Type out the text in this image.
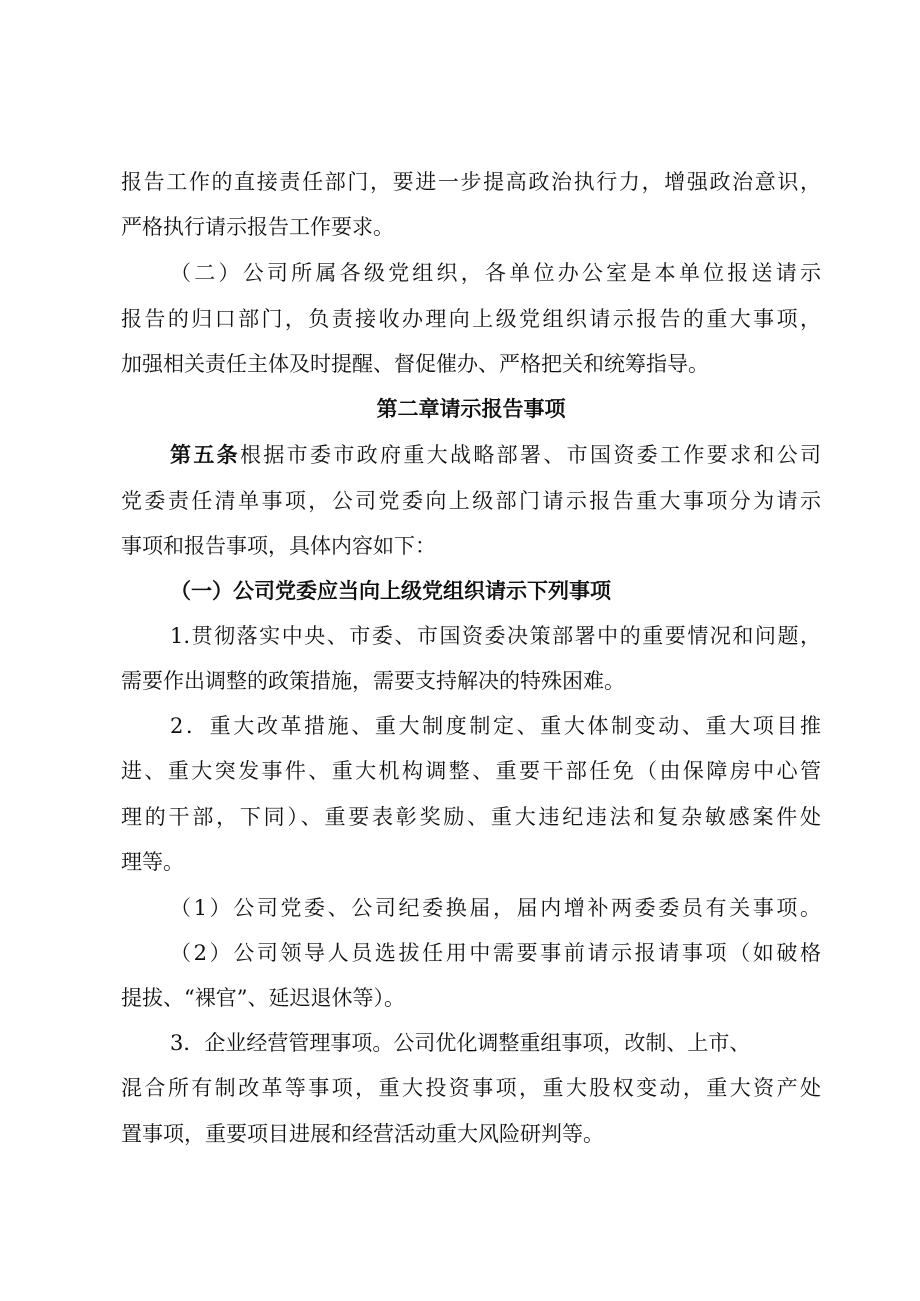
报告工作的直接责任部门，要进一步提高政治执行力，增强政治意识，
严格执行请示报告工作要求。
（二）公司所属各级党组织，各单位办公室是本单位报送请示
报告的归口部门，负责接收办理向上级党组织请示报告的重大事项，
加强相关责任主体及时提醒、督促催办、严格把关和统筹指导。
第二章请示报告事项
第五条根据市委市政府重大战略部署、市国资委工作要求和公司
党委责任清单事项，公司党委向上级部门请示报告重大事项分为请示
事项和报告事项，具体内容如下：
（一）公司党委应当向上级党组织请示下列事项
1.贯彻落实中央、市委、市国资委决策部署中的重要情况和问题，
需要作出调整的政策措施，需要支持解决的特殊困难。
2．重大改革措施、重大制度制定、重大体制变动、重大项目推
进、重大突发事件、重大机构调整、重要干部任免（由保障房中心管
理的干部，下同）、重要表彰奖励、重大违纪违法和复杂敏感案件处
理等。
（1）公司党委、公司纪委换届，届内增补两委委员有关事项。
（2）公司领导人员选拔任用中需要事前请示报请事项（如破格
提拔、“裸官”、延迟退休等）。
3．企业经营管理事项。公司优化调整重组事项，改制、上市、
混合所有制改革等事项，重大投资事项，重大股权变动，重大资产处
置事项，重要项目进展和经营活动重大风险研判等。
